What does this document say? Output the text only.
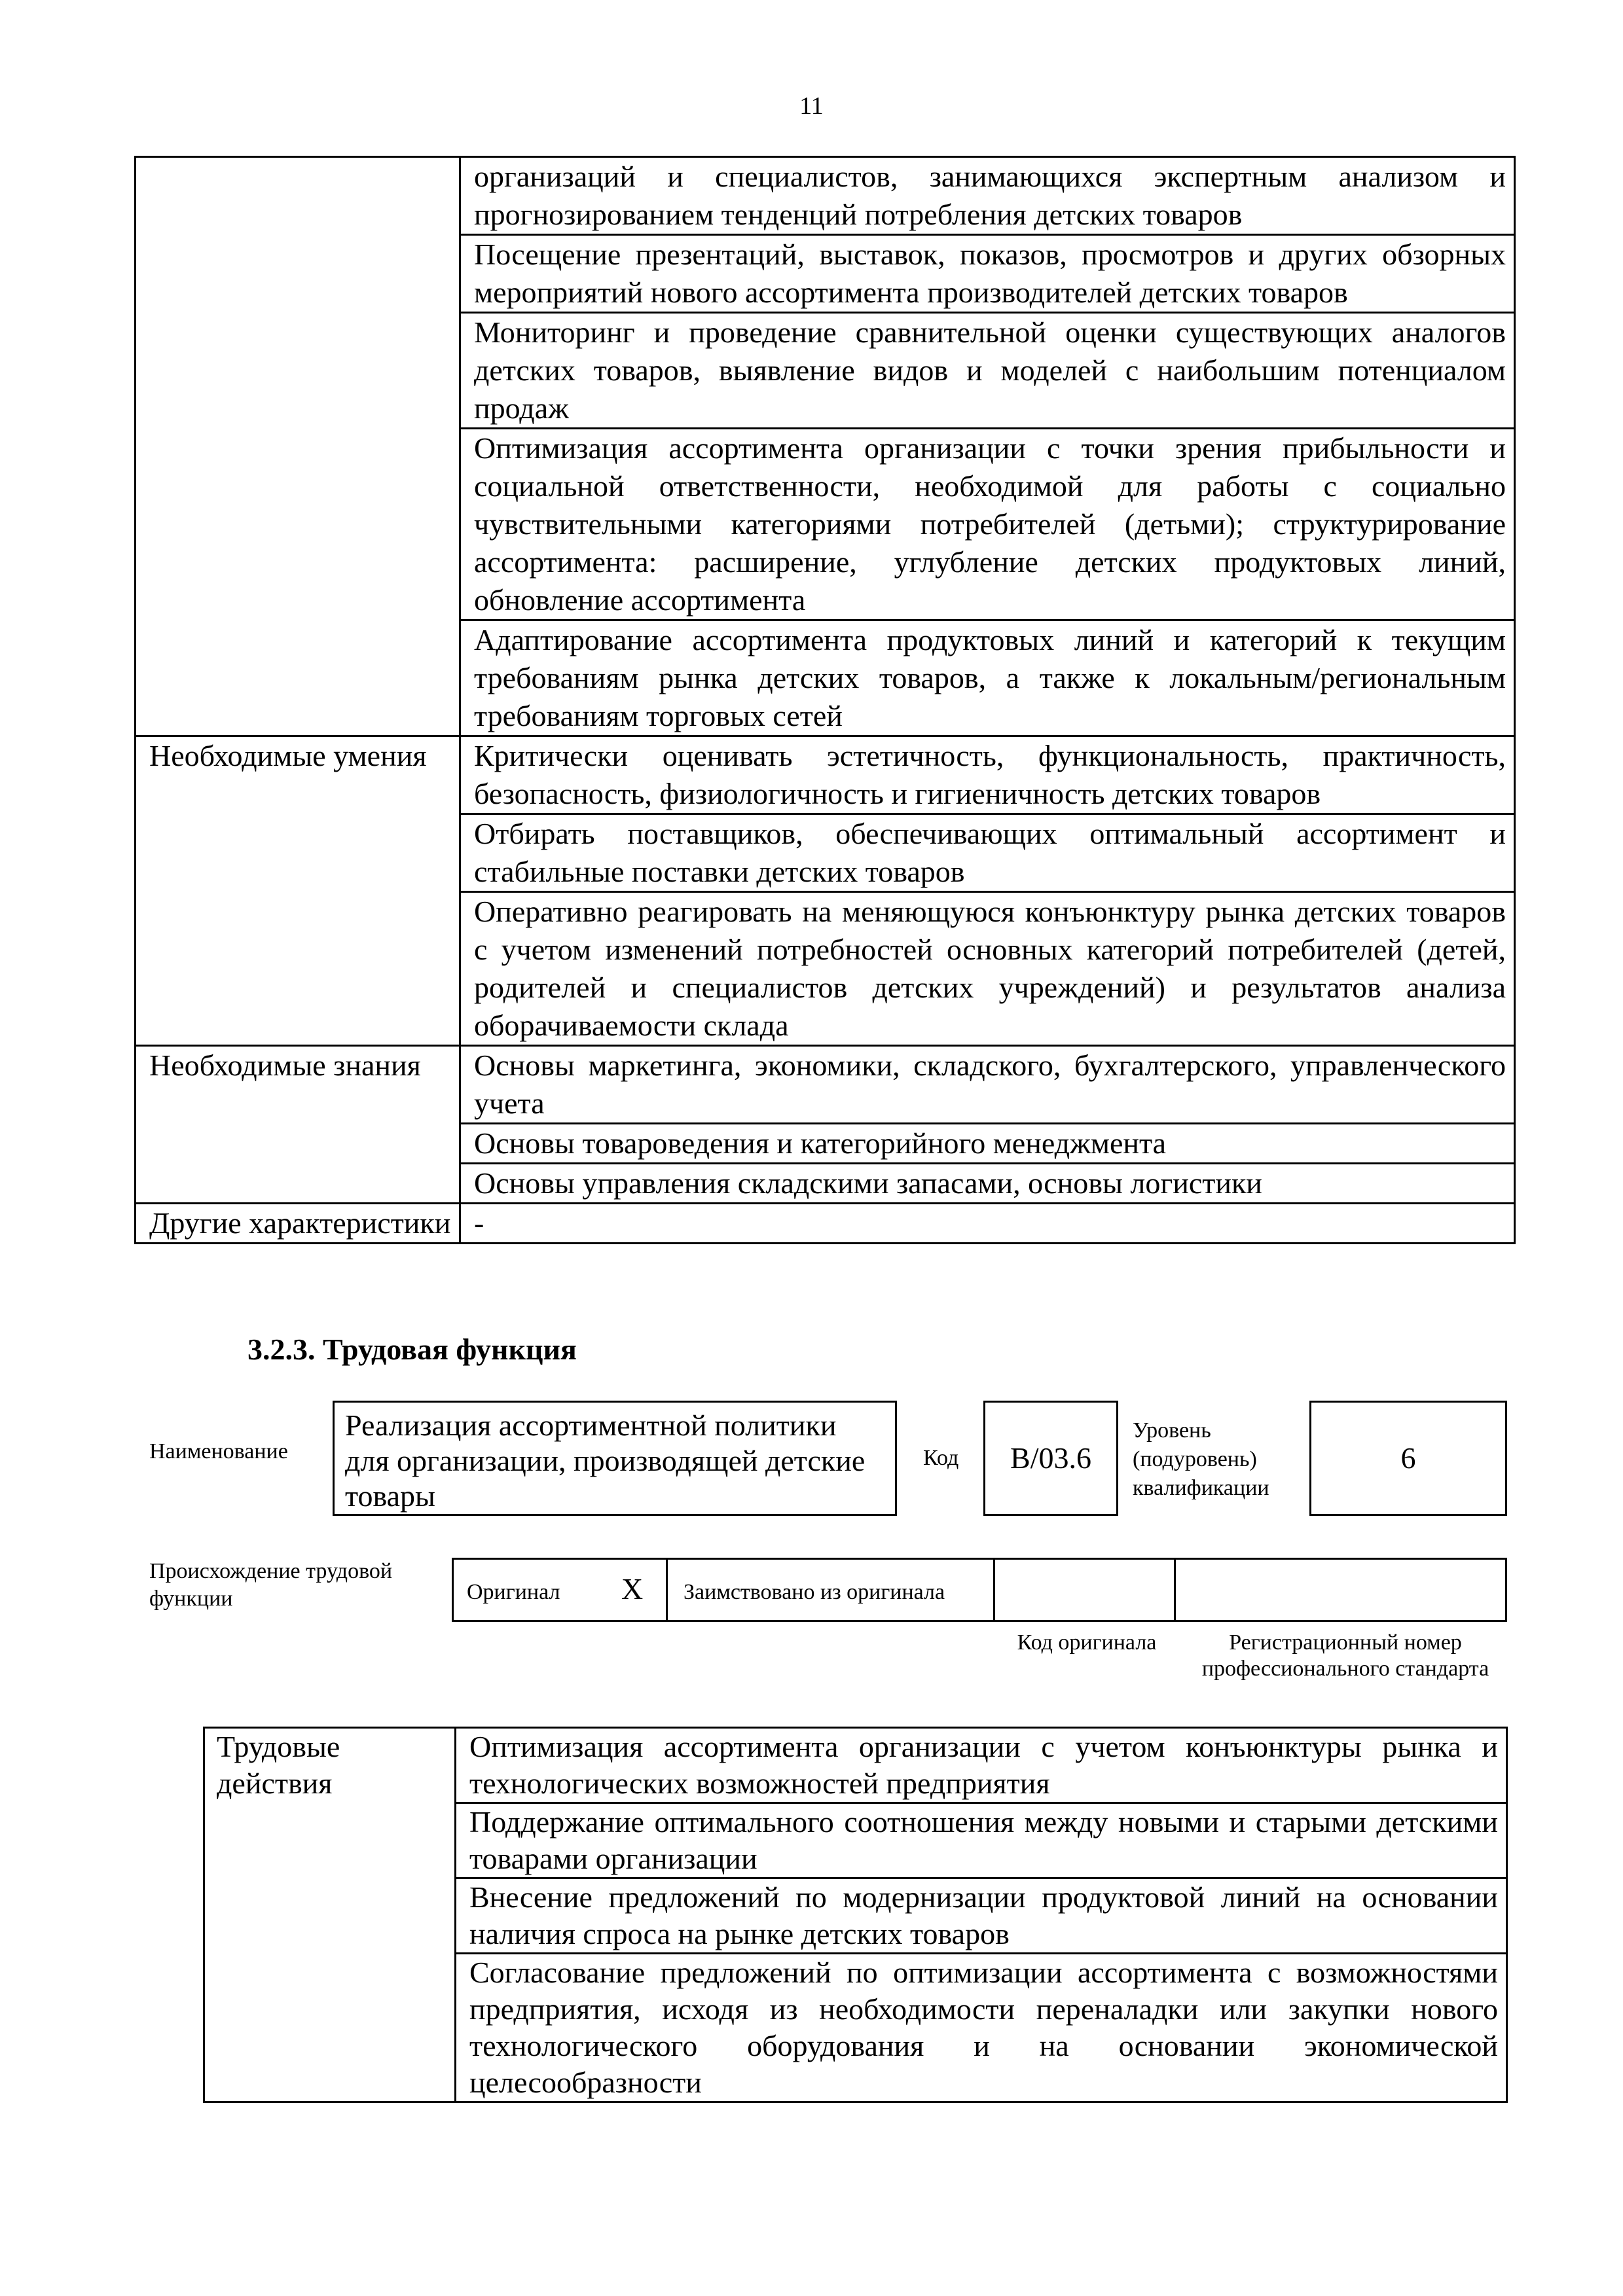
11
	организаций и специалистов, занимающихся экспертным анализом и прогнозированием тенденций потребления детских товаров
	Посещение презентаций, выставок, показов, просмотров и других обзорных мероприятий нового ассортимента производителей детских товаров
	Мониторинг и проведение сравнительной оценки существующих аналогов детских товаров, выявление видов и моделей с наибольшим потенциалом продаж
	Оптимизация ассортимента организации с точки зрения прибыльности и социальной ответственности, необходимой для работы с социально чувствительными категориями потребителей (детьми); структурирование ассортимента: расширение, углубление детских продуктовых линий, обновление ассортимента
	Адаптирование ассортимента продуктовых линий и категорий к текущим требованиям рынка детских товаров, а также к локальным/региональным требованиям торговых сетей
Необходимые умения	Критически оценивать эстетичность, функциональность, практичность, безопасность, физиологичность и гигиеничность детских товаров
	Отбирать поставщиков, обеспечивающих оптимальный ассортимент и стабильные поставки детских товаров
	Оперативно реагировать на меняющуюся конъюнктуру рынка детских товаров с учетом изменений потребностей основных категорий потребителей (детей, родителей и специалистов детских учреждений) и результатов анализа оборачиваемости склада
Необходимые знания	Основы маркетинга, экономики, складского, бухгалтерского, управленческого учета
	Основы товароведения и категорийного менеджмента
	Основы управления складскими запасами, основы логистики
Другие характеристики	-
3.2.3. Трудовая функция
Наименование
Реализация ассортиментной политики для организации, производящей детские товары
Код	B/03.6
Уровень (подуровень) квалификации
6
Происхождение трудовой функции	Оригинал X Заимствовано из оригинала
Код оригинала	Регистрационный номер профессионального стандарта
Трудовые действия	Оптимизация ассортимента организации с учетом конъюнктуры рынка и технологических возможностей предприятия
Поддержание оптимального соотношения между новыми и старыми детскими товарами организации
Внесение предложений по модернизации продуктовой линий на основании наличия спроса на рынке детских товаров
Согласование предложений по оптимизации ассортимента с возможностями предприятия, исходя из необходимости переналадки или закупки нового технологического оборудования и на основании экономической целесообразности
